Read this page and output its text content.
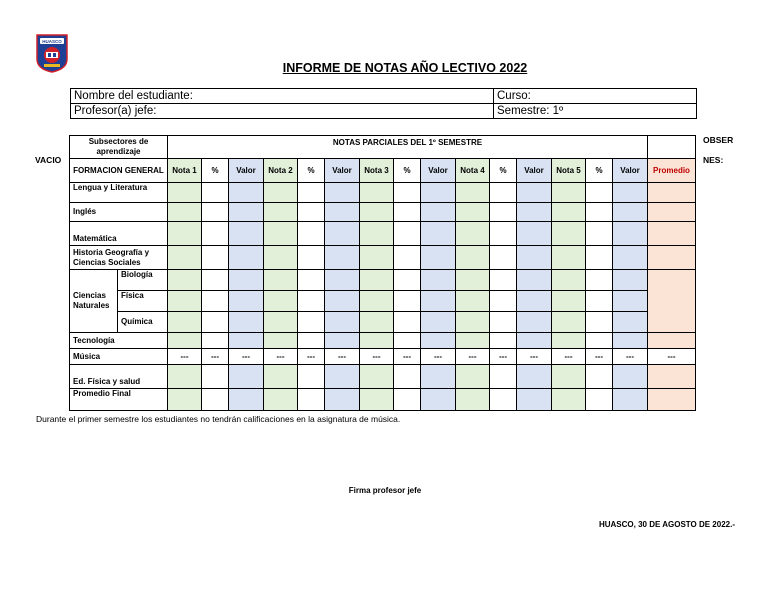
HUASCO
INFORME DE NOTAS AÑO LECTIVO 2022
Nombre del estudiante:	Curso:
Profesor(a) jefe:	Semestre: 1º
VACIO
OBSER
NES:
Subsectores de aprendizaje		NOTAS PARCIALES DEL 1º SEMESTRE															
FORMACION GENERAL		Nota 1	%	Valor	Nota 2	%	Valor	Nota 3	%	Valor	Nota 4	%	Valor	Nota 5	%	Valor	Promedio
Lengua y Literatura																	
Inglés																	
Matemática																	
Historia Geografía y Ciencias Sociales																	
Ciencias Naturales	Biología																
	Física																
	Química																
Tecnología																	
Música		---	---	---	---	---	---	---	---	---	---	---	---	---	---	---	---
Ed. Física y salud																	
Promedio Final																	
Durante el primer semestre los estudiantes no tendrán calificaciones en la asignatura de música.
Firma profesor jefe
HUASCO, 30 DE AGOSTO DE 2022.-
